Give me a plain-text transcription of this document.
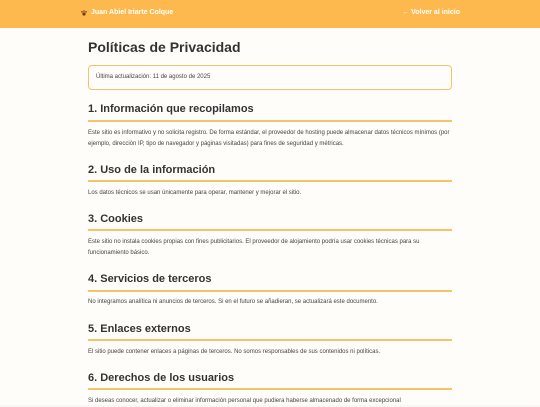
Juan Abiel Iriarte Colque	← Volver al inicio
Políticas de Privacidad
Última actualización: 11 de agosto de 2025
1. Información que recopilamos

Este sitio es informativo y no solicita registro. De forma estándar, el proveedor de hosting puede almacenar datos técnicos mínimos (por ejemplo, dirección IP, tipo de navegador y páginas visitadas) para fines de seguridad y métricas.

2. Uso de la información

Los datos técnicos se usan únicamente para operar, mantener y mejorar el sitio.

3. Cookies

Este sitio no instala cookies propias con fines publicitarios. El proveedor de alojamiento podría usar cookies técnicas para su funcionamiento básico.

4. Servicios de terceros

No integramos analítica ni anuncios de terceros. Si en el futuro se añadieran, se actualizará este documento.

5. Enlaces externos

El sitio puede contener enlaces a páginas de terceros. No somos responsables de sus contenidos ni políticas.

6. Derechos de los usuarios

Si deseas conocer, actualizar o eliminar información personal que pudiera haberse almacenado de forma excepcional
